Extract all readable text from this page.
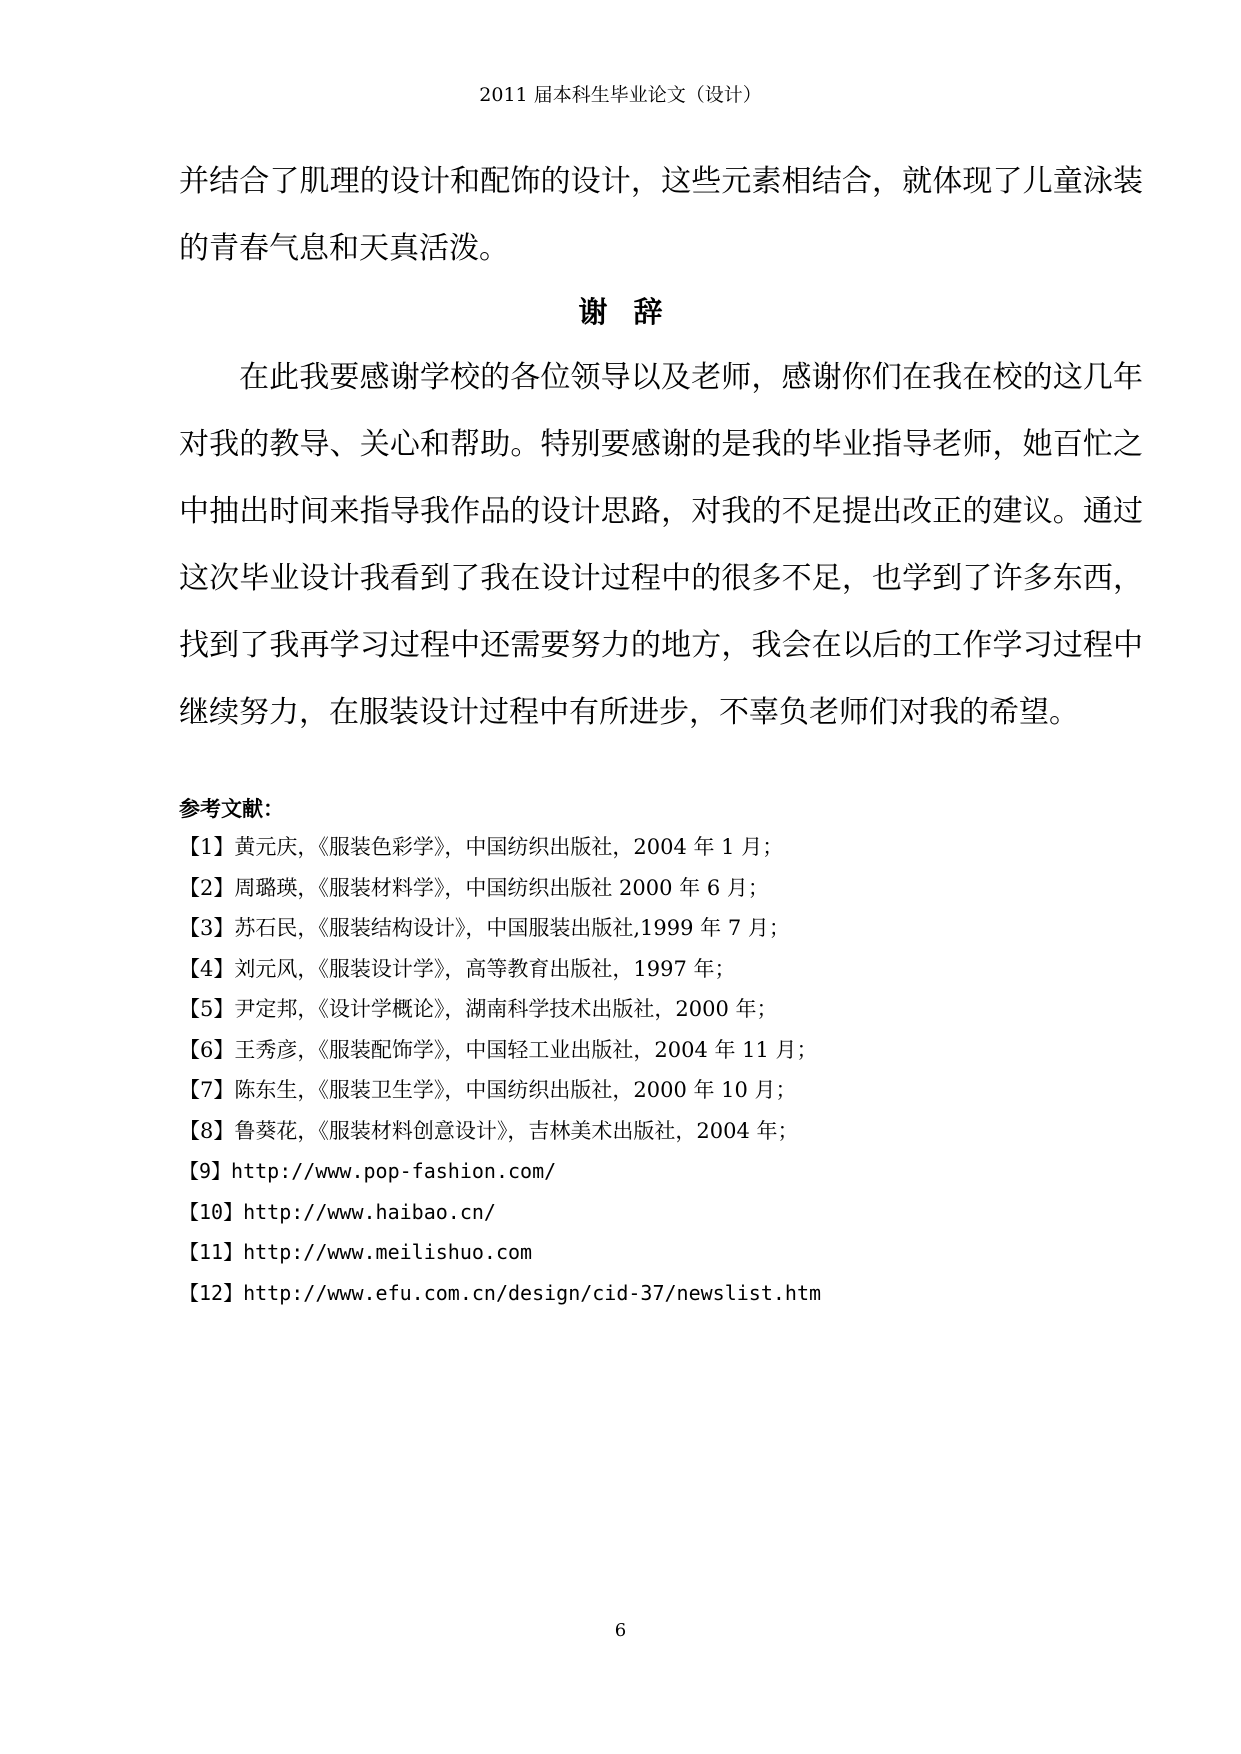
2011 届本科生毕业论文（设计）

并结合了肌理的设计和配饰的设计，这些元素相结合，就体现了儿童泳装的青春气息和天真活泼。

谢辞

在此我要感谢学校的各位领导以及老师，感谢你们在我在校的这几年对我的教导、关心和帮助。特别要感谢的是我的毕业指导老师，她百忙之中抽出时间来指导我作品的设计思路，对我的不足提出改正的建议。通过这次毕业设计我看到了我在设计过程中的很多不足，也学到了许多东西，找到了我再学习过程中还需要努力的地方，我会在以后的工作学习过程中继续努力，在服装设计过程中有所进步，不辜负老师们对我的希望。

参考文献：
【1】黄元庆，《服装色彩学》，中国纺织出版社，2004 年 1 月；
【2】周璐瑛，《服装材料学》，中国纺织出版社 2000 年 6 月；
【3】苏石民，《服装结构设计》，中国服装出版社,1999 年 7 月；
【4】刘元风，《服装设计学》，高等教育出版社，1997 年；
【5】尹定邦，《设计学概论》，湖南科学技术出版社，2000 年；
【6】王秀彦，《服装配饰学》，中国轻工业出版社，2004 年 11 月；
【7】陈东生，《服装卫生学》，中国纺织出版社，2000 年 10 月；
【8】鲁葵花，《服装材料创意设计》，吉林美术出版社，2004 年；
【9】http://www.pop-fashion.com/
【10】http://www.haibao.cn/
【11】http://www.meilishuo.com
【12】http://www.efu.com.cn/design/cid-37/newslist.htm
6
